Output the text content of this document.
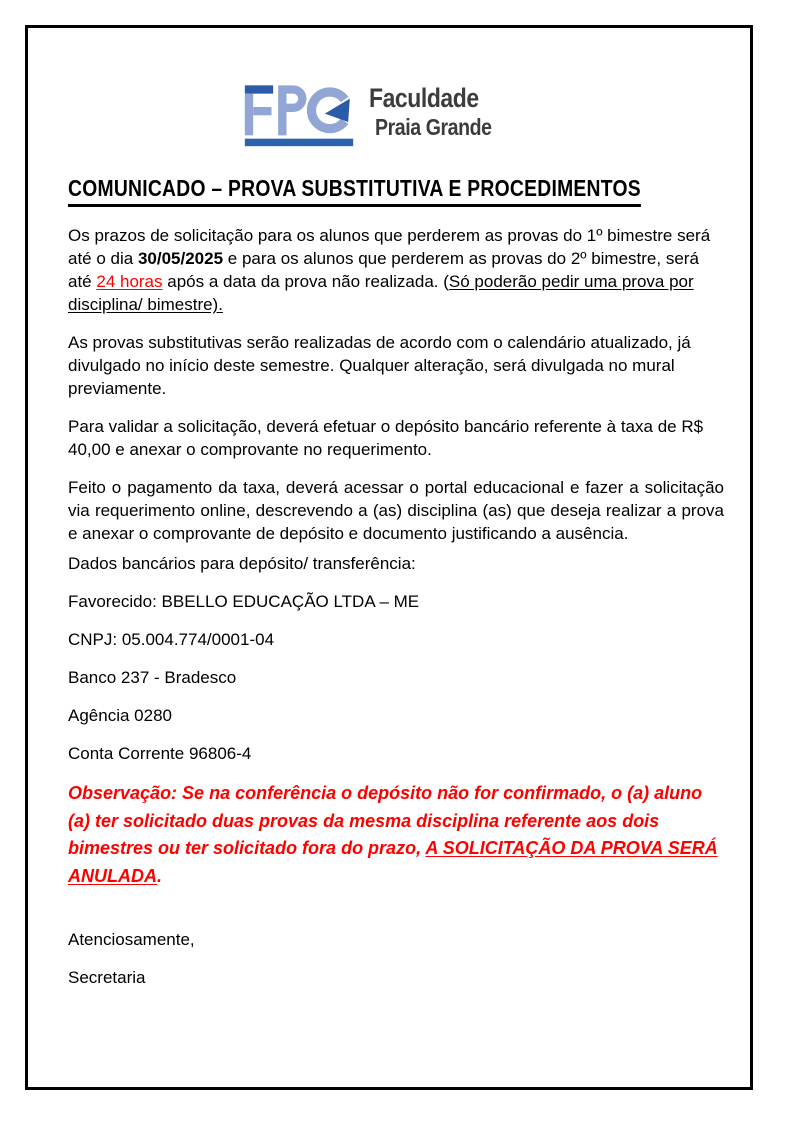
Faculdade
Praia Grande
COMUNICADO – PROVA SUBSTITUTIVA E PROCEDIMENTOS

Os prazos de solicitação para os alunos que perderem as provas do 1º bimestre será até o dia 30/05/2025 e para os alunos que perderem as provas do 2º bimestre, será até 24 horas após a data da prova não realizada. (Só poderão pedir uma prova por disciplina/ bimestre).

As provas substitutivas serão realizadas de acordo com o calendário atualizado, já divulgado no início deste semestre. Qualquer alteração, será divulgada no mural previamente.

Para validar a solicitação, deverá efetuar o depósito bancário referente à taxa de R$ 40,00 e anexar o comprovante no requerimento.

Feito o pagamento da taxa, deverá acessar o portal educacional e fazer a solicitação via requerimento online, descrevendo a (as) disciplina (as) que deseja realizar a prova e anexar o comprovante de depósito e documento justificando a ausência.

Dados bancários para depósito/ transferência:

Favorecido: BBELLO EDUCAÇÃO LTDA – ME

CNPJ: 05.004.774/0001-04

Banco 237 - Bradesco

Agência 0280

Conta Corrente 96806-4

Observação: Se na conferência o depósito não for confirmado, o (a) aluno (a) ter solicitado duas provas da mesma disciplina referente aos dois bimestres ou ter solicitado fora do prazo, A SOLICITAÇÃO DA PROVA SERÁ ANULADA.

Atenciosamente,

Secretaria
